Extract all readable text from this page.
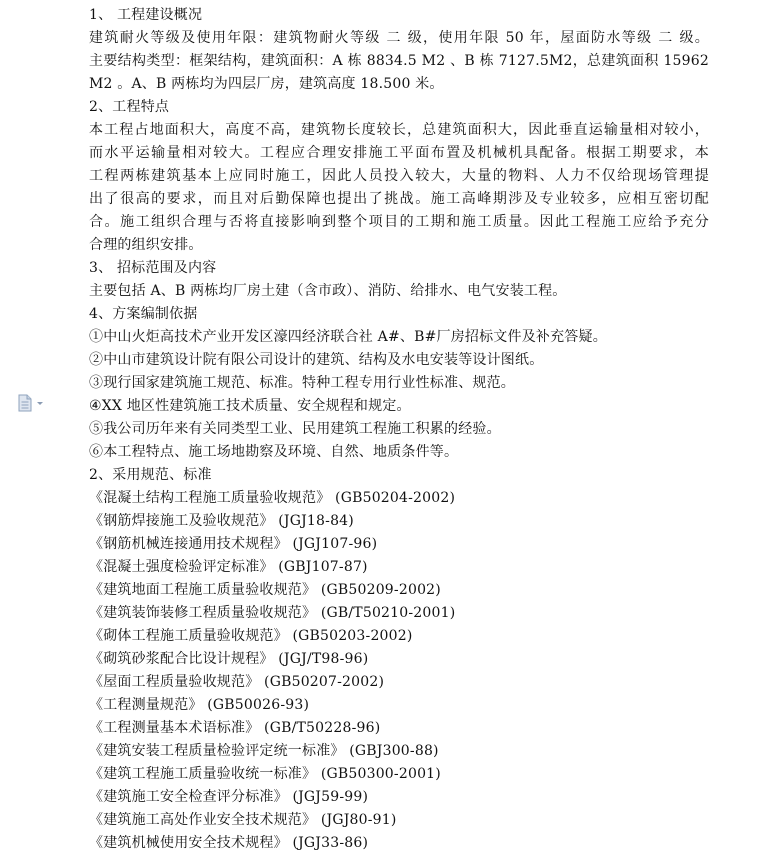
1、 工程建设概况
建筑耐火等级及使用年限：建筑物耐火等级 二 级，使用年限 50 年，屋面防水等级 二 级。
主要结构类型：框架结构，建筑面积：A 栋 8834.5 M2 、B 栋 7127.5M2，总建筑面积 15962
M2 。A、B 两栋均为四层厂房，建筑高度 18.500 米。
2、工程特点
本工程占地面积大，高度不高，建筑物长度较长，总建筑面积大，因此垂直运输量相对较小，
而水平运输量相对较大。工程应合理安排施工平面布置及机械机具配备。根据工期要求，本
工程两栋建筑基本上应同时施工，因此人员投入较大，大量的物料、人力不仅给现场管理提
出了很高的要求，而且对后勤保障也提出了挑战。施工高峰期涉及专业较多，应相互密切配
合。施工组织合理与否将直接影响到整个项目的工期和施工质量。因此工程施工应给予充分
合理的组织安排。
3、 招标范围及内容
主要包括 A、B 两栋均厂房土建（含市政）、消防、给排水、电气安装工程。
4、方案编制依据
①中山火炬高技术产业开发区濠四经济联合社 A#、B#厂房招标文件及补充答疑。
②中山市建筑设计院有限公司设计的建筑、结构及水电安装等设计图纸。
③现行国家建筑施工规范、标准。特种工程专用行业性标准、规范。
④XX 地区性建筑施工技术质量、安全规程和规定。
⑤我公司历年来有关同类型工业、民用建筑工程施工积累的经验。
⑥本工程特点、施工场地勘察及环境、自然、地质条件等。
2、采用规范、标准
《混凝土结构工程施工质量验收规范》 (GB50204-2002)
《钢筋焊接施工及验收规范》 (JGJ18-84)
《钢筋机械连接通用技术规程》 (JGJ107-96)
《混凝土强度检验评定标准》 (GBJ107-87)
《建筑地面工程施工质量验收规范》 (GB50209-2002)
《建筑装饰装修工程质量验收规范》 (GB/T50210-2001)
《砌体工程施工质量验收规范》 (GB50203-2002)
《砌筑砂浆配合比设计规程》 (JGJ/T98-96)
《屋面工程质量验收规范》 (GB50207-2002)
《工程测量规范》 (GB50026-93)
《工程测量基本术语标准》 (GB/T50228-96)
《建筑安装工程质量检验评定统一标准》 (GBJ300-88)
《建筑工程施工质量验收统一标准》 (GB50300-2001)
《建筑施工安全检查评分标准》 (JGJ59-99)
《建筑施工高处作业安全技术规范》 (JGJ80-91)
《建筑机械使用安全技术规程》 (JGJ33-86)
